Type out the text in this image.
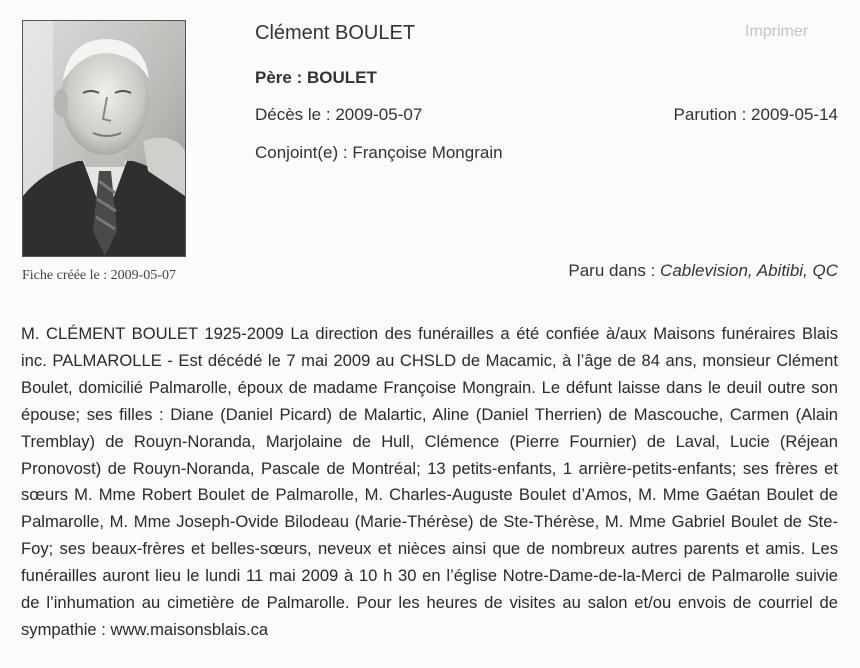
Fiche créée le : 2009-05-07
Imprimer
Clément BOULET
Père : BOULET
Décès le : 2009-05-07	Parution : 2009-05-14
Conjoint(e) : Françoise Mongrain
Paru dans : Cablevision, Abitibi, QC
M. CLÉMENT BOULET 1925-2009 La direction des funérailles a été confiée à/aux Maisons funéraires Blais inc. PALMAROLLE - Est décédé le 7 mai 2009 au CHSLD de Macamic, à l’âge de 84 ans, monsieur Clément Boulet, domicilié Palmarolle, époux de madame Françoise Mongrain. Le défunt laisse dans le deuil outre son épouse; ses filles : Diane (Daniel Picard) de Malartic, Aline (Daniel Therrien) de Mascouche, Carmen (Alain Tremblay) de Rouyn-Noranda, Marjolaine de Hull, Clémence (Pierre Fournier) de Laval, Lucie (Réjean Pronovost) de Rouyn-Noranda, Pascale de Montréal; 13 petits-enfants, 1 arrière-petits-enfants; ses frères et sœurs M. Mme Robert Boulet de Palmarolle, M. Charles-Auguste Boulet d’Amos, M. Mme Gaétan Boulet de Palmarolle, M. Mme Joseph-Ovide Bilodeau (Marie-Thérèse) de Ste-Thérèse, M. Mme Gabriel Boulet de Ste-Foy; ses beaux-frères et belles-sœurs, neveux et nièces ainsi que de nombreux autres parents et amis. Les funérailles auront lieu le lundi 11 mai 2009 à 10 h 30 en l’église Notre-Dame-de-la-Merci de Palmarolle suivie de l’inhumation au cimetière de Palmarolle. Pour les heures de visites au salon et/ou envois de courriel de sympathie : www.maisonsblais.ca
